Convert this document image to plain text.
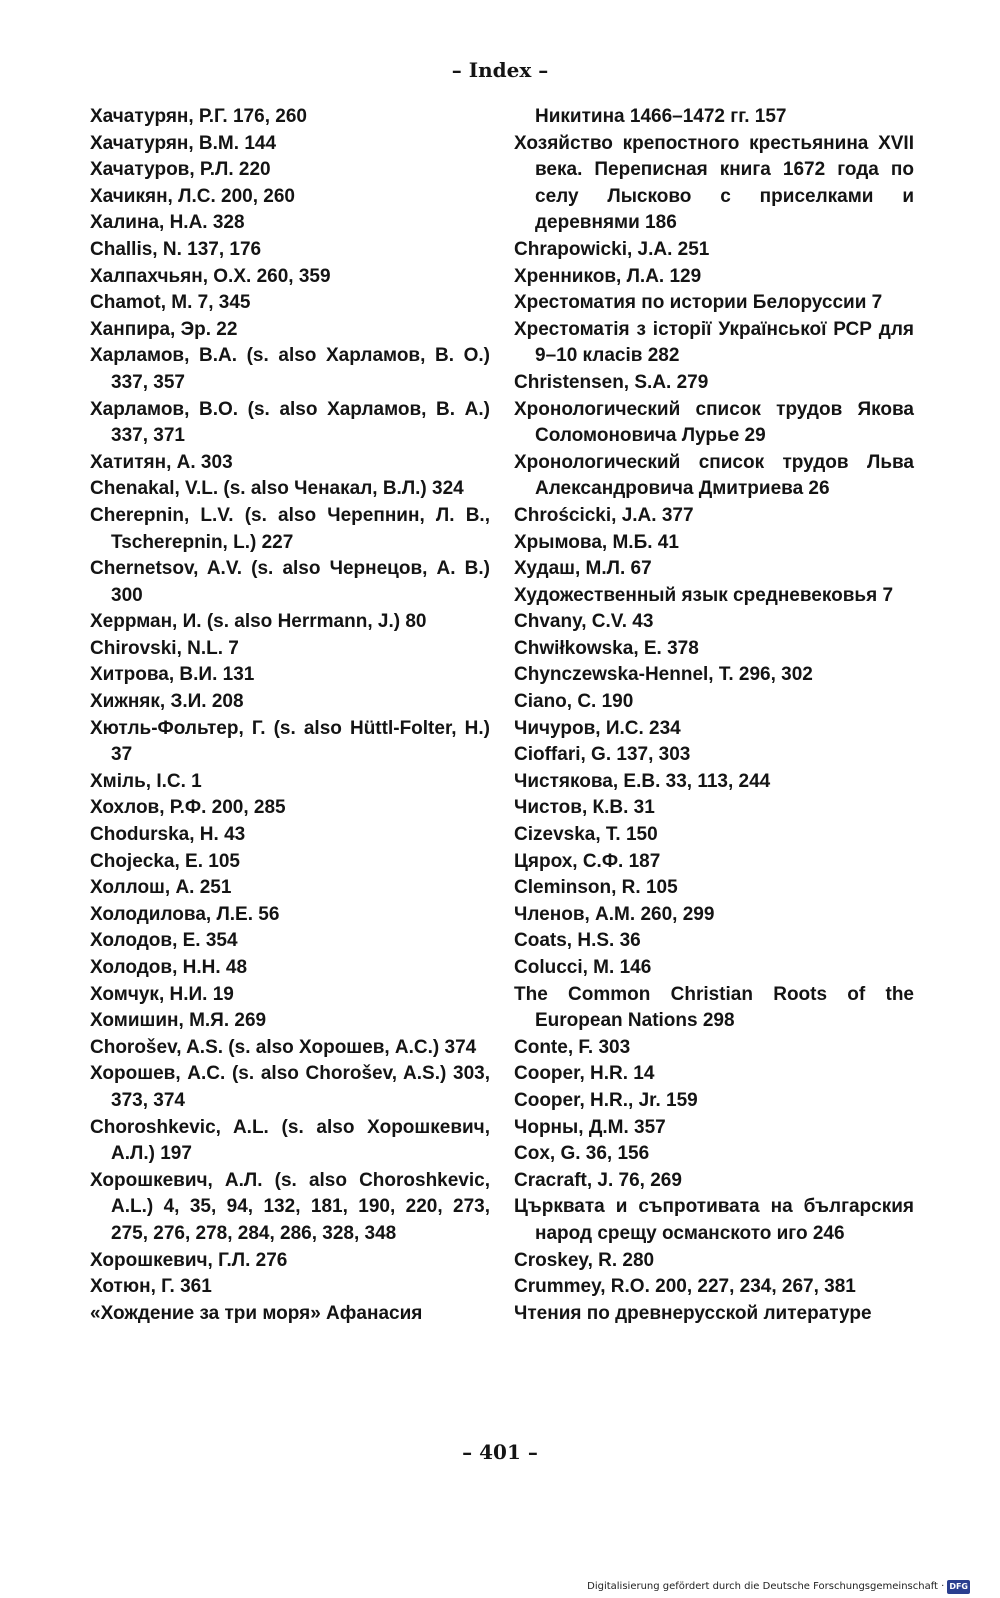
– Index –

Хачатурян, Р.Г. 176, 260

Хачатурян, В.М. 144

Хачатуров, Р.Л. 220

Хачикян, Л.С. 200, 260

Халина, Н.А. 328

Challis, N. 137, 176

Халпахчьян, О.Х. 260, 359

Chamot, M. 7, 345

Ханпира, Эр. 22

Харламов, В.А. (s. also Харламов, В. О.) 337, 357

Харламов, В.О. (s. also Харламов, В. А.) 337, 371

Хатитян, А. 303

Chenakal, V.L. (s. also Ченакал, В.Л.) 324

Cherepnin, L.V. (s. also Черепнин, Л. В., Tscherepnin, L.) 227

Chernetsov, A.V. (s. also Чернецов, А. В.) 300

Херрман, И. (s. also Herrmann, J.) 80

Chirovski, N.L. 7

Хитрова, В.И. 131

Хижняк, З.И. 208

Хютль-Фольтер, Г. (s. also Hüttl-Folter, H.) 37

Хміль, І.С. 1

Хохлов, Р.Ф. 200, 285

Chodurska, H. 43

Chojecka, E. 105

Холлош, А. 251

Холодилова, Л.Е. 56

Холодов, Е. 354

Холодов, Н.Н. 48

Хомчук, Н.И. 19

Хомишин, М.Я. 269

Chorošev, A.S. (s. also Хорошев, А.С.) 374

Хорошев, А.С. (s. also Chorošev, A.S.) 303, 373, 374

Choroshkevic, A.L. (s. also Хорошкевич, А.Л.) 197

Хорошкевич, А.Л. (s. also Choroshkevic, A.L.) 4, 35, 94, 132, 181, 190, 220, 273, 275, 276, 278, 284, 286, 328, 348

Хорошкевич, Г.Л. 276

Хотюн, Г. 361

«Хождение за три моря» Афанасия

Никитина 1466–1472 гг. 157

Хозяйство крепостного крестьянина XVII века. Переписная книга 1672 года по селу Лысково с приселками и деревнями 186

Chrapowicki, J.A. 251

Хренников, Л.А. 129

Хрестоматия по истории Белоруссии 7

Хрестоматія з історії Української РСР для 9–10 класів 282

Christensen, S.A. 279

Хронологический список трудов Якова Соломоновича Лурье 29

Хронологический список трудов Льва Александровича Дмитриева 26

Chrościcki, J.A. 377

Хрымова, М.Б. 41

Худаш, М.Л. 67

Художественный язык средневековья 7

Chvany, C.V. 43

Chwiłkowska, E. 378

Chynczewska-Hennel, T. 296, 302

Ciano, C. 190

Чичуров, И.С. 234

Cioffari, G. 137, 303

Чистякова, Е.В. 33, 113, 244

Чистов, К.В. 31

Cizevska, T. 150

Цярох, С.Ф. 187

Cleminson, R. 105

Членов, А.М. 260, 299

Coats, H.S. 36

Colucci, M. 146

The Common Christian Roots of the European Nations 298

Conte, F. 303

Cooper, H.R. 14

Cooper, H.R., Jr. 159

Чорны, Д.М. 357

Cox, G. 36, 156

Cracraft, J. 76, 269

Църквата и съпротивата на българския народ срещу османското иго 246

Croskey, R. 280

Crummey, R.O. 200, 227, 234, 267, 381

Чтения по древнерусской литературе

– 401 –
Digitalisierung gefördert durch die Deutsche Forschungsgemeinschaft · DFG
